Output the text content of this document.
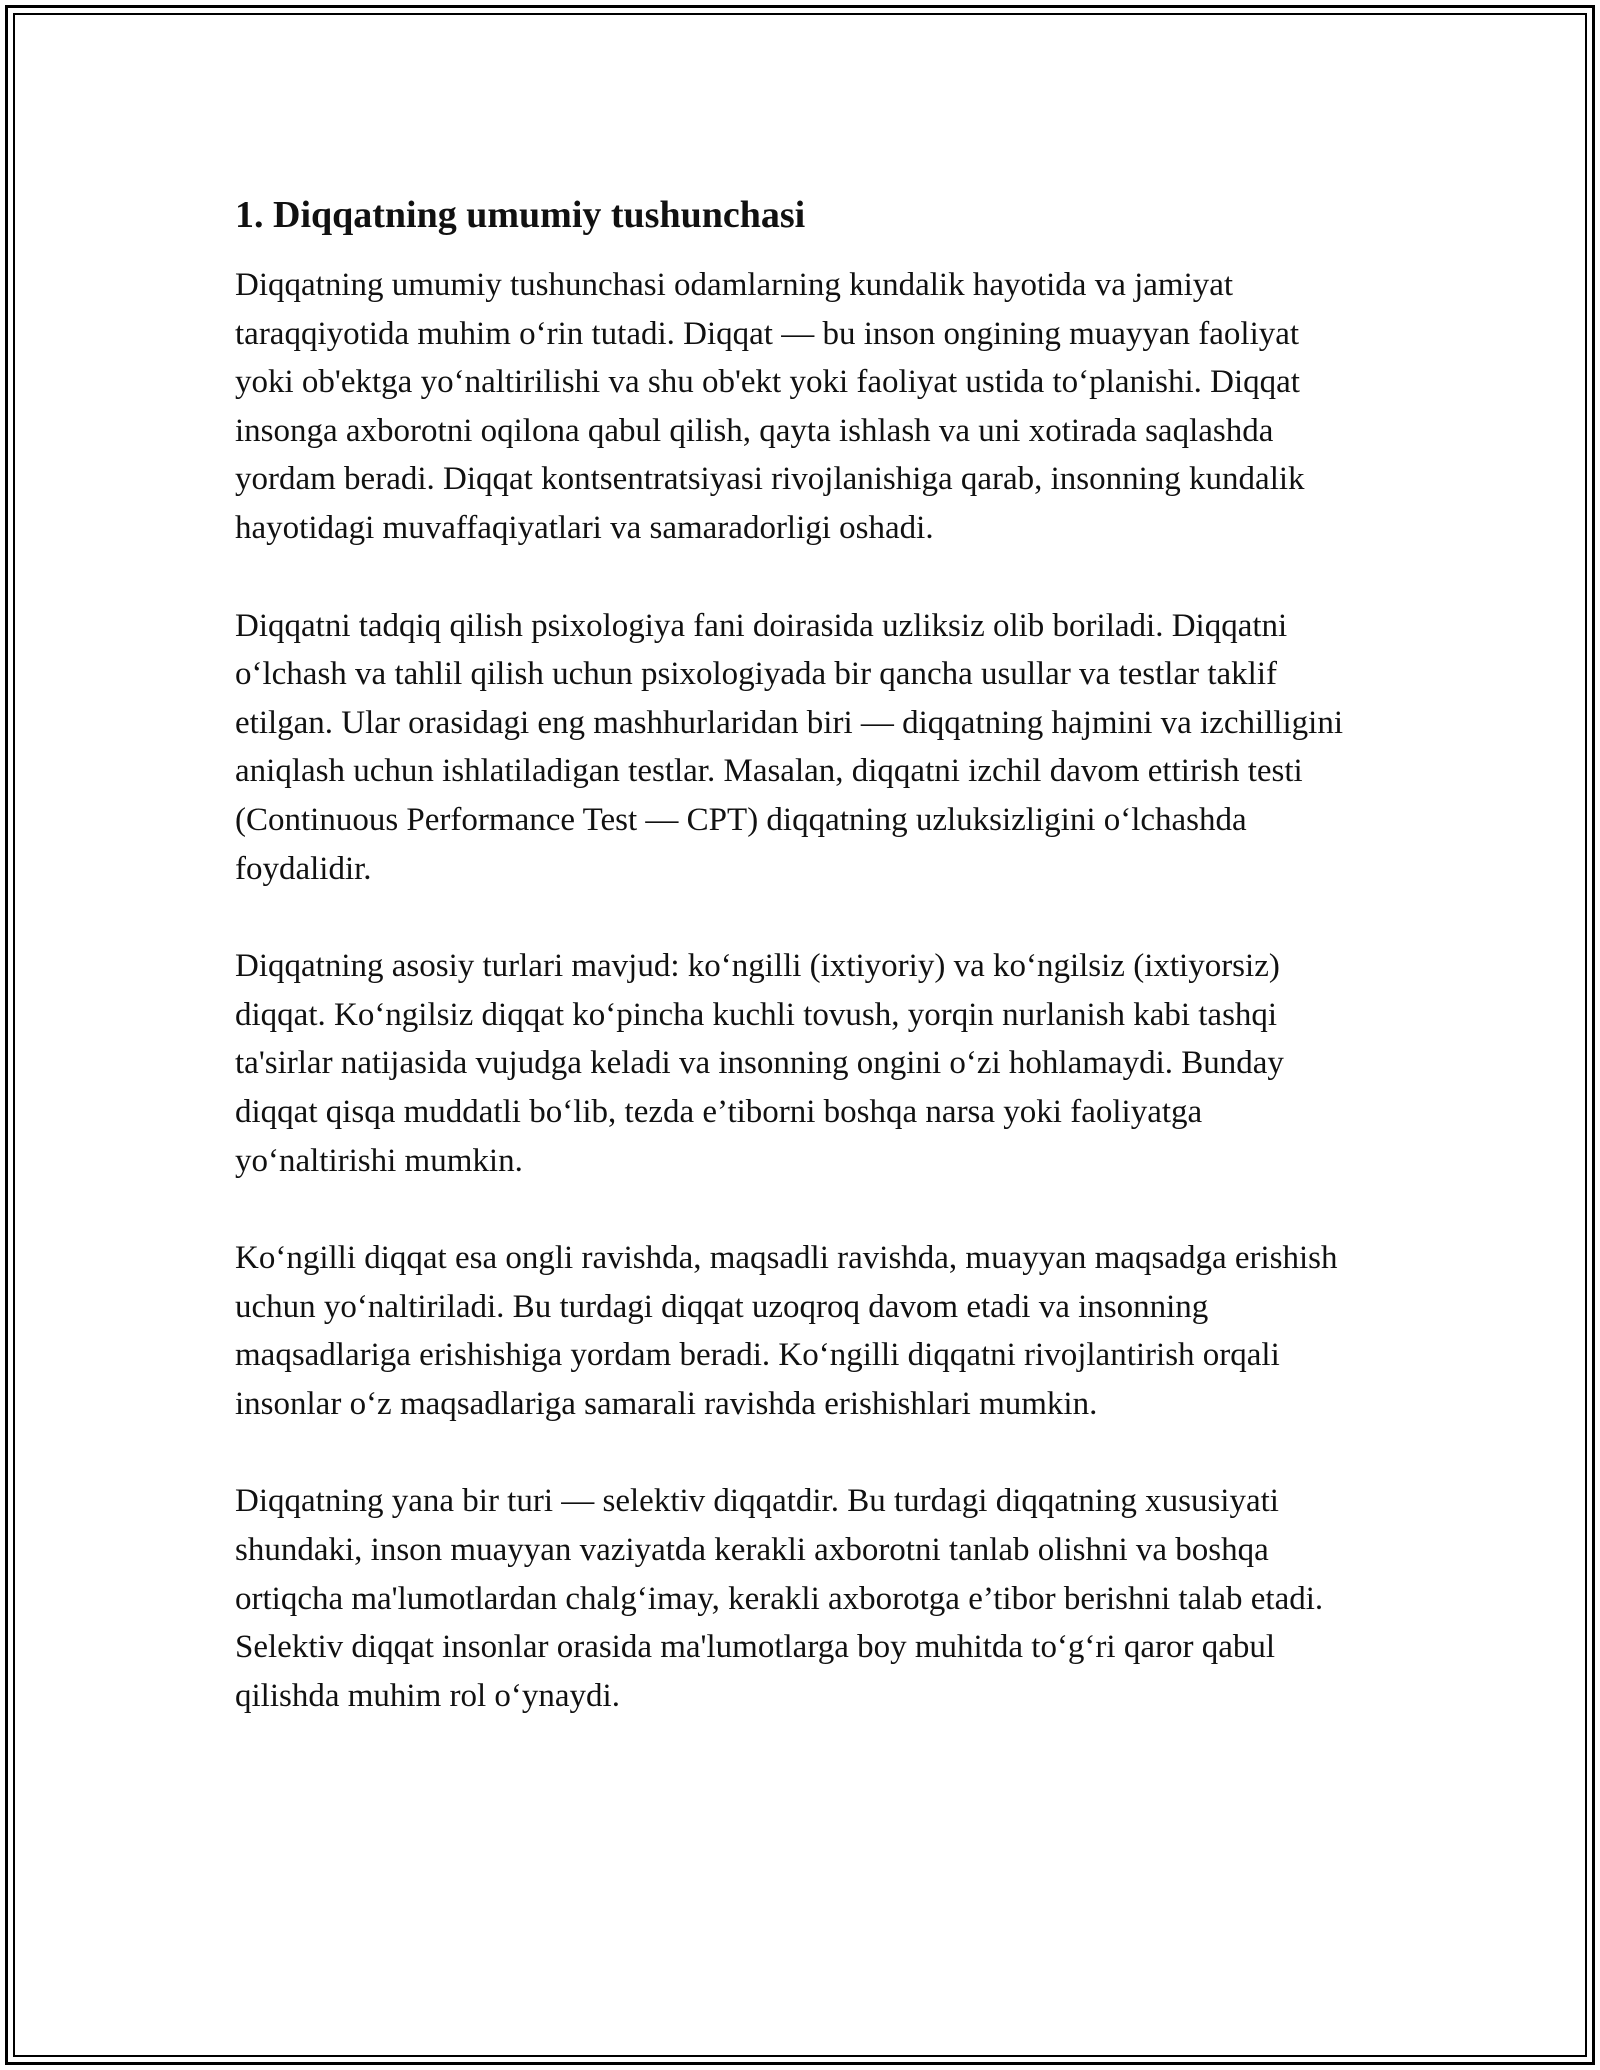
1. Diqqatning umumiy tushunchasi

Diqqatning umumiy tushunchasi odamlarning kundalik hayotida va jamiyat taraqqiyotida muhim o‘rin tutadi. Diqqat — bu inson ongining muayyan faoliyat yoki ob'ektga yo‘naltirilishi va shu ob'ekt yoki faoliyat ustida to‘planishi. Diqqat insonga axborotni oqilona qabul qilish, qayta ishlash va uni xotirada saqlashda yordam beradi. Diqqat kontsentratsiyasi rivojlanishiga qarab, insonning kundalik hayotidagi muvaffaqiyatlari va samaradorligi oshadi.

Diqqatni tadqiq qilish psixologiya fani doirasida uzliksiz olib boriladi. Diqqatni o‘lchash va tahlil qilish uchun psixologiyada bir qancha usullar va testlar taklif etilgan. Ular orasidagi eng mashhurlaridan biri — diqqatning hajmini va izchilligini aniqlash uchun ishlatiladigan testlar. Masalan, diqqatni izchil davom ettirish testi (Continuous Performance Test — CPT) diqqatning uzluksizligini o‘lchashda foydalidir.

Diqqatning asosiy turlari mavjud: ko‘ngilli (ixtiyoriy) va ko‘ngilsiz (ixtiyorsiz) diqqat. Ko‘ngilsiz diqqat ko‘pincha kuchli tovush, yorqin nurlanish kabi tashqi ta'sirlar natijasida vujudga keladi va insonning ongini o‘zi hohlamaydi. Bunday diqqat qisqa muddatli bo‘lib, tezda e’tiborni boshqa narsa yoki faoliyatga yo‘naltirishi mumkin.

Ko‘ngilli diqqat esa ongli ravishda, maqsadli ravishda, muayyan maqsadga erishish uchun yo‘naltiriladi. Bu turdagi diqqat uzoqroq davom etadi va insonning maqsadlariga erishishiga yordam beradi. Ko‘ngilli diqqatni rivojlantirish orqali insonlar o‘z maqsadlariga samarali ravishda erishishlari mumkin.

Diqqatning yana bir turi — selektiv diqqatdir. Bu turdagi diqqatning xususiyati shundaki, inson muayyan vaziyatda kerakli axborotni tanlab olishni va boshqa ortiqcha ma'lumotlardan chalg‘imay, kerakli axborotga e’tibor berishni talab etadi. Selektiv diqqat insonlar orasida ma'lumotlarga boy muhitda to‘g‘ri qaror qabul qilishda muhim rol o‘ynaydi.
